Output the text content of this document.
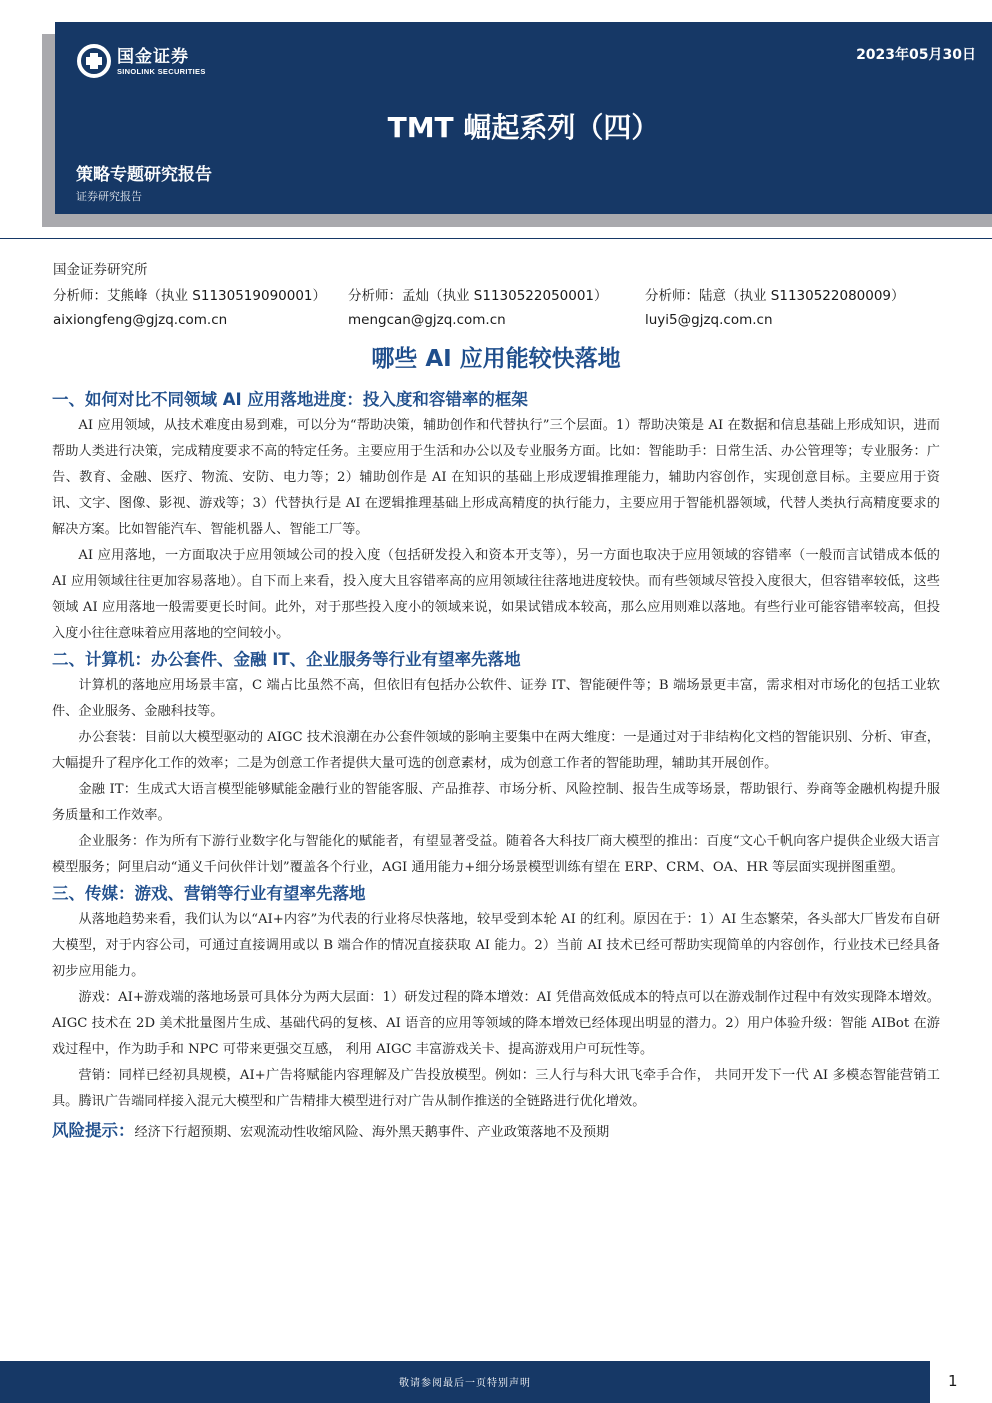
国金证券
SINOLINK SECURITIES
2023年05月30日
TMT 崛起系列（四）
策略专题研究报告
证券研究报告
国金证券研究所
分析师：艾熊峰（执业 S1130519090001） 分析师：孟灿（执业 S1130522050001）	分析师：陆意（执业 S1130522080009）
aixiongfeng@gjzq.com.cn	mengcan@gjzq.com.cn	luyi5@gjzq.com.cn
哪些 AI 应用能较快落地
一、如何对比不同领域 AI 应用落地进度：投入度和容错率的框架

AI 应用领域，从技术难度由易到难，可以分为“帮助决策，辅助创作和代替执行”三个层面。1）帮助决策是 AI 在数据和信息基础上形成知识，进而帮助人类进行决策，完成精度要求不高的特定任务。主要应用于生活和办公以及专业服务方面。比如：智能助手：日常生活、办公管理等；专业服务：广告、教育、金融、医疗、物流、安防、电力等；2）辅助创作是 AI 在知识的基础上形成逻辑推理能力，辅助内容创作，实现创意目标。主要应用于资讯、文字、图像、影视、游戏等；3）代替执行是 AI 在逻辑推理基础上形成高精度的执行能力，主要应用于智能机器领域，代替人类执行高精度要求的解决方案。比如智能汽车、智能机器人、智能工厂等。

AI 应用落地，一方面取决于应用领域公司的投入度（包括研发投入和资本开支等），另一方面也取决于应用领域的容错率（一般而言试错成本低的 AI 应用领域往往更加容易落地）。自下而上来看，投入度大且容错率高的应用领域往往落地进度较快。而有些领域尽管投入度很大，但容错率较低，这些领域 AI 应用落地一般需要更长时间。此外，对于那些投入度小的领域来说，如果试错成本较高，那么应用则难以落地。有些行业可能容错率较高，但投入度小往往意味着应用落地的空间较小。

二、计算机：办公套件、金融 IT、企业服务等行业有望率先落地

计算机的落地应用场景丰富，C 端占比虽然不高，但依旧有包括办公软件、证券 IT、智能硬件等；B 端场景更丰富，需求相对市场化的包括工业软件、企业服务、金融科技等。

办公套装：目前以大模型驱动的 AIGC 技术浪潮在办公套件领域的影响主要集中在两大维度：一是通过对于非结构化文档的智能识别、分析、审查，大幅提升了程序化工作的效率；二是为创意工作者提供大量可选的创意素材，成为创意工作者的智能助理，辅助其开展创作。

金融 IT：生成式大语言模型能够赋能金融行业的智能客服、产品推荐、市场分析、风险控制、报告生成等场景，帮助银行、券商等金融机构提升服务质量和工作效率。

企业服务：作为所有下游行业数字化与智能化的赋能者，有望显著受益。随着各大科技厂商大模型的推出：百度“文心千帆向客户提供企业级大语言模型服务；阿里启动“通义千问伙伴计划”覆盖各个行业，AGI 通用能力+细分场景模型训练有望在 ERP、CRM、OA、HR 等层面实现拼图重塑。

三、传媒：游戏、营销等行业有望率先落地

从落地趋势来看，我们认为以“AI+内容”为代表的行业将尽快落地，较早受到本轮 AI 的红利。原因在于：1）AI 生态繁荣，各头部大厂皆发布自研大模型，对于内容公司，可通过直接调用或以 B 端合作的情况直接获取 AI 能力。2）当前 AI 技术已经可帮助实现简单的内容创作，行业技术已经具备初步应用能力。

游戏：AI+游戏端的落地场景可具体分为两大层面：1）研发过程的降本增效：AI 凭借高效低成本的特点可以在游戏制作过程中有效实现降本增效。AIGC 技术在 2D 美术批量图片生成、基础代码的复核、AI 语音的应用等领域的降本增效已经体现出明显的潜力。2）用户体验升级：智能 AIBot 在游戏过程中，作为助手和 NPC 可带来更强交互感， 利用 AIGC 丰富游戏关卡、提高游戏用户可玩性等。

营销：同样已经初具规模，AI+广告将赋能内容理解及广告投放模型。例如：三人行与科大讯飞牵手合作， 共同开发下一代 AI 多模态智能营销工具。腾讯广告端同样接入混元大模型和广告精排大模型进行对广告从制作推送的全链路进行优化增效。

风险提示：经济下行超预期、宏观流动性收缩风险、海外黑天鹅事件、产业政策落地不及预期
敬请参阅最后一页特别声明	1
